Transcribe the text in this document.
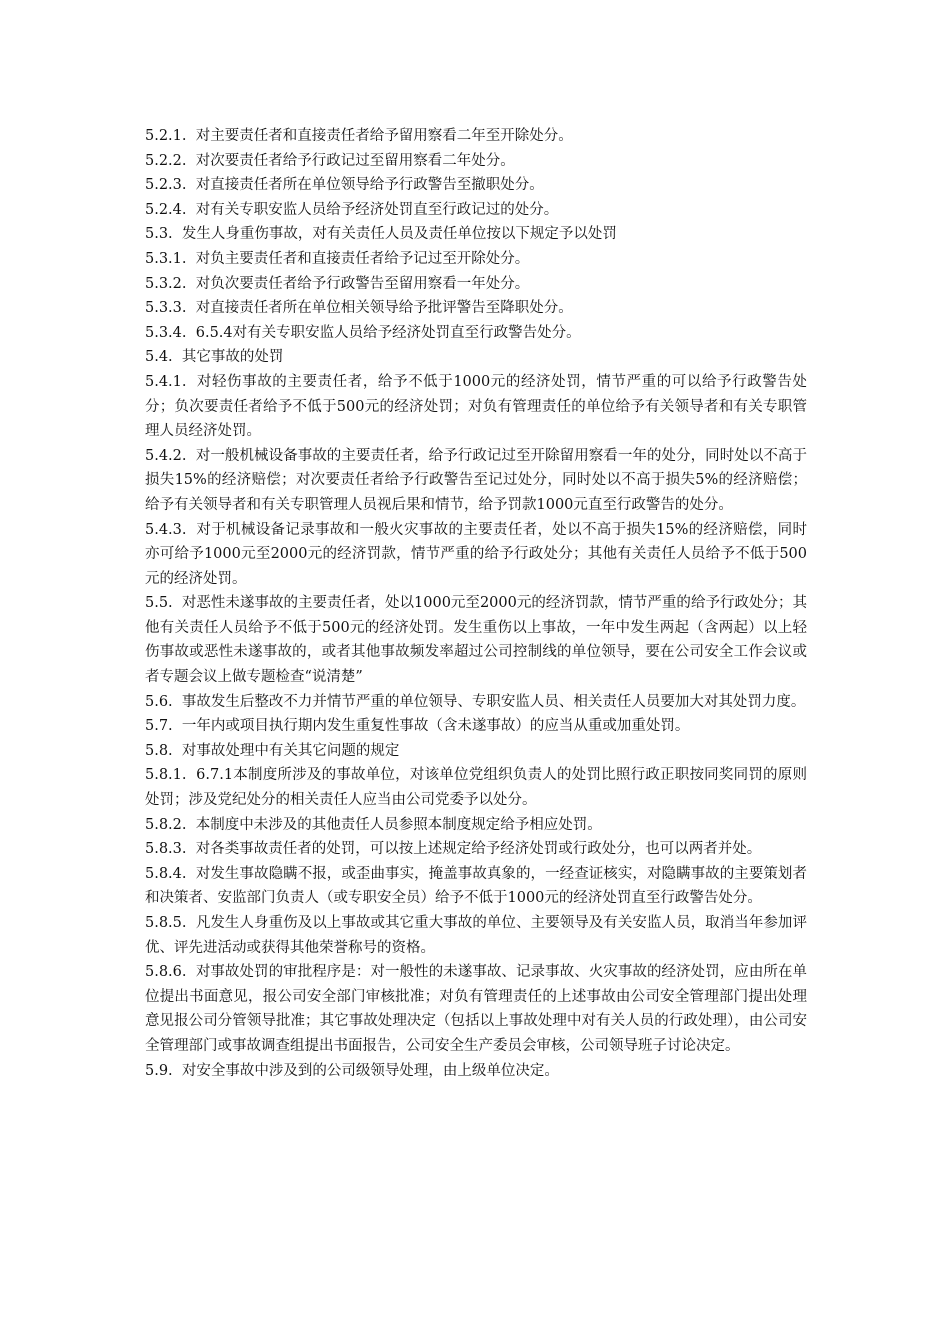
5.2.1.  对主要责任者和直接责任者给予留用察看二年至开除处分。

5.2.2.  对次要责任者给予行政记过至留用察看二年处分。

5.2.3.  对直接责任者所在单位领导给予行政警告至撤职处分。

5.2.4.  对有关专职安监人员给予经济处罚直至行政记过的处分。

5.3.  发生人身重伤事故，对有关责任人员及责任单位按以下规定予以处罚

5.3.1.  对负主要责任者和直接责任者给予记过至开除处分。

5.3.2.  对负次要责任者给予行政警告至留用察看一年处分。

5.3.3.  对直接责任者所在单位相关领导给予批评警告至降职处分。

5.3.4.  6.5.4对有关专职安监人员给予经济处罚直至行政警告处分。

5.4.  其它事故的处罚

5.4.1.  对轻伤事故的主要责任者，给予不低于1000元的经济处罚，情节严重的可以给予行政警告处分；负次要责任者给予不低于500元的经济处罚；对负有管理责任的单位给予有关领导者和有关专职管理人员经济处罚。

5.4.2.  对一般机械设备事故的主要责任者，给予行政记过至开除留用察看一年的处分，同时处以不高于损失15%的经济赔偿；对次要责任者给予行政警告至记过处分，同时处以不高于损失5%的经济赔偿；给予有关领导者和有关专职管理人员视后果和情节，给予罚款1000元直至行政警告的处分。

5.4.3.  对于机械设备记录事故和一般火灾事故的主要责任者，处以不高于损失15%的经济赔偿，同时亦可给予1000元至2000元的经济罚款，情节严重的给予行政处分；其他有关责任人员给予不低于500元的经济处罚。

5.5.  对恶性未遂事故的主要责任者，处以1000元至2000元的经济罚款，情节严重的给予行政处分；其他有关责任人员给予不低于500元的经济处罚。发生重伤以上事故，一年中发生两起（含两起）以上轻伤事故或恶性未遂事故的，或者其他事故频发率超过公司控制线的单位领导，要在公司安全工作会议或者专题会议上做专题检查“说清楚”

5.6.  事故发生后整改不力并情节严重的单位领导、专职安监人员、相关责任人员要加大对其处罚力度。

5.7.  一年内或项目执行期内发生重复性事故（含未遂事故）的应当从重或加重处罚。

5.8.  对事故处理中有关其它问题的规定

5.8.1.  6.7.1本制度所涉及的事故单位，对该单位党组织负责人的处罚比照行政正职按同奖同罚的原则处罚；涉及党纪处分的相关责任人应当由公司党委予以处分。

5.8.2.  本制度中未涉及的其他责任人员参照本制度规定给予相应处罚。

5.8.3.  对各类事故责任者的处罚，可以按上述规定给予经济处罚或行政处分，也可以两者并处。

5.8.4.  对发生事故隐瞒不报，或歪曲事实，掩盖事故真象的，一经查证核实，对隐瞒事故的主要策划者和决策者、安监部门负责人（或专职安全员）给予不低于1000元的经济处罚直至行政警告处分。

5.8.5.  凡发生人身重伤及以上事故或其它重大事故的单位、主要领导及有关安监人员，取消当年参加评优、评先进活动或获得其他荣誉称号的资格。

5.8.6.  对事故处罚的审批程序是：对一般性的未遂事故、记录事故、火灾事故的经济处罚，应由所在单位提出书面意见，报公司安全部门审核批准；对负有管理责任的上述事故由公司安全管理部门提出处理意见报公司分管领导批准；其它事故处理决定（包括以上事故处理中对有关人员的行政处理），由公司安全管理部门或事故调查组提出书面报告，公司安全生产委员会审核，公司领导班子讨论决定。

5.9.  对安全事故中涉及到的公司级领导处理，由上级单位决定。
